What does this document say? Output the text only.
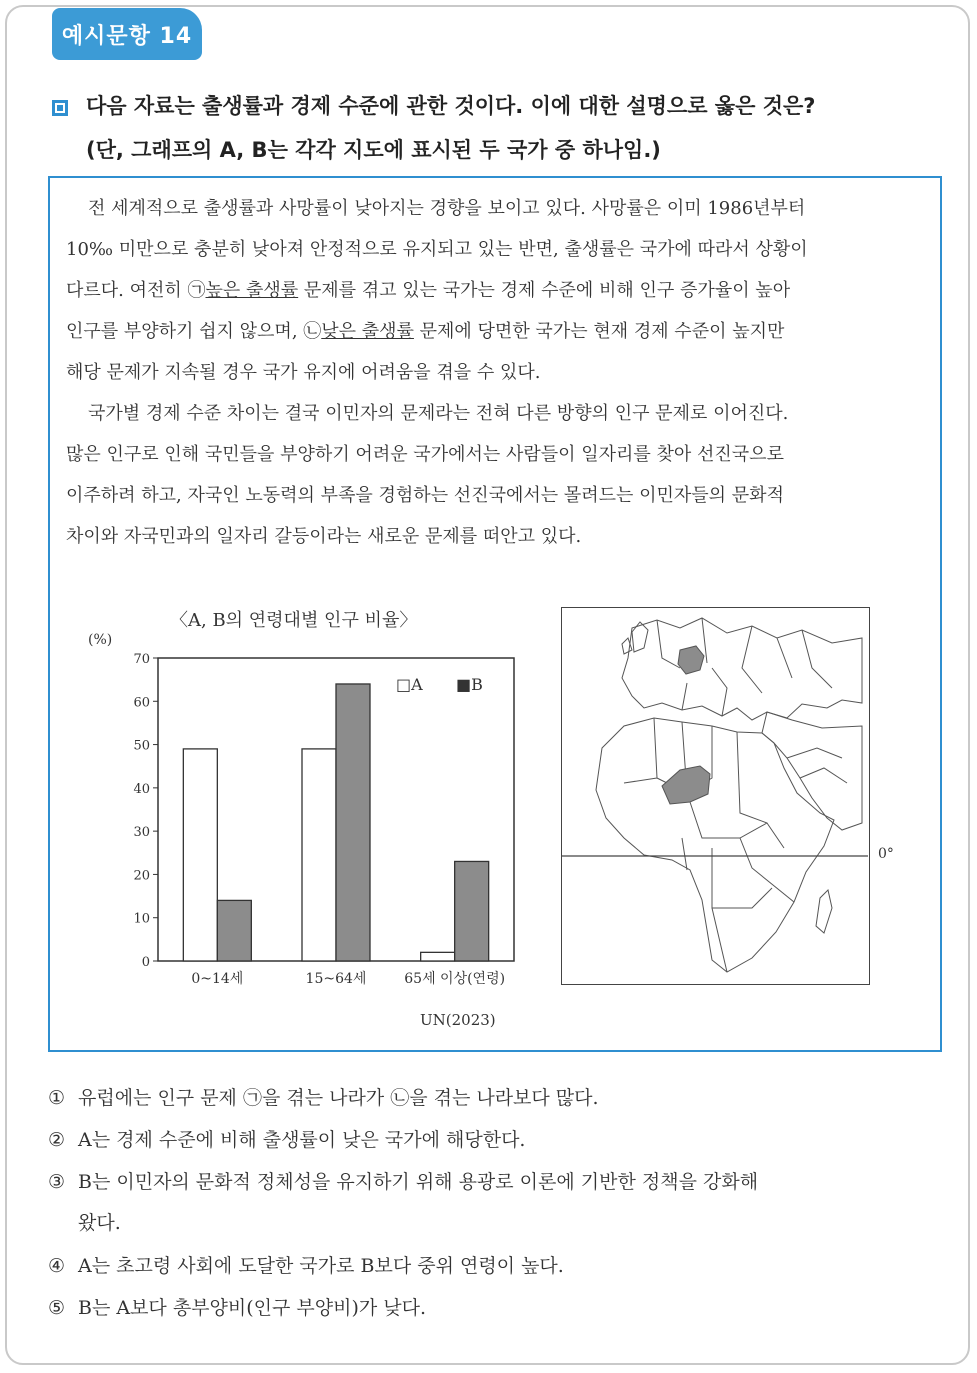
예시문항 14
다음 자료는 출생률과 경제 수준에 관한 것이다. 이에 대한 설명으로 옳은 것은?
(단, 그래프의 A, B는 각각 지도에 표시된 두 국가 중 하나임.)
전 세계적으로 출생률과 사망률이 낮아지는 경향을 보이고 있다. 사망률은 이미 1986년부터
10‰ 미만으로 충분히 낮아져 안정적으로 유지되고 있는 반면, 출생률은 국가에 따라서 상황이
다르다. 여전히 ㉠높은 출생률 문제를 겪고 있는 국가는 경제 수준에 비해 인구 증가율이 높아
인구를 부양하기 쉽지 않으며, ㉡낮은 출생률 문제에 당면한 국가는 현재 경제 수준이 높지만
해당 문제가 지속될 경우 국가 유지에 어려움을 겪을 수 있다.
국가별 경제 수준 차이는 결국 이민자의 문제라는 전혀 다른 방향의 인구 문제로 이어진다.
많은 인구로 인해 국민들을 부양하기 어려운 국가에서는 사람들이 일자리를 찾아 선진국으로
이주하려 하고, 자국인 노동력의 부족을 경험하는 선진국에서는 몰려드는 이민자들의 문화적
차이와 자국민과의 일자리 갈등이라는 새로운 문제를 떠안고 있다.
〈A, B의 연령대별 인구 비율〉
(%)
0
10
20
30
40
50
60
70
0~14세	15~64세	65세 이상(연령)
□A ■B
UN(2023)
0°
① 유럽에는 인구 문제 ㉠을 겪는 나라가 ㉡을 겪는 나라보다 많다.
② A는 경제 수준에 비해 출생률이 낮은 국가에 해당한다.
③ B는 이민자의 문화적 정체성을 유지하기 위해 용광로 이론에 기반한 정책을 강화해
왔다.
④ A는 초고령 사회에 도달한 국가로 B보다 중위 연령이 높다.
⑤ B는 A보다 총부양비(인구 부양비)가 낮다.
